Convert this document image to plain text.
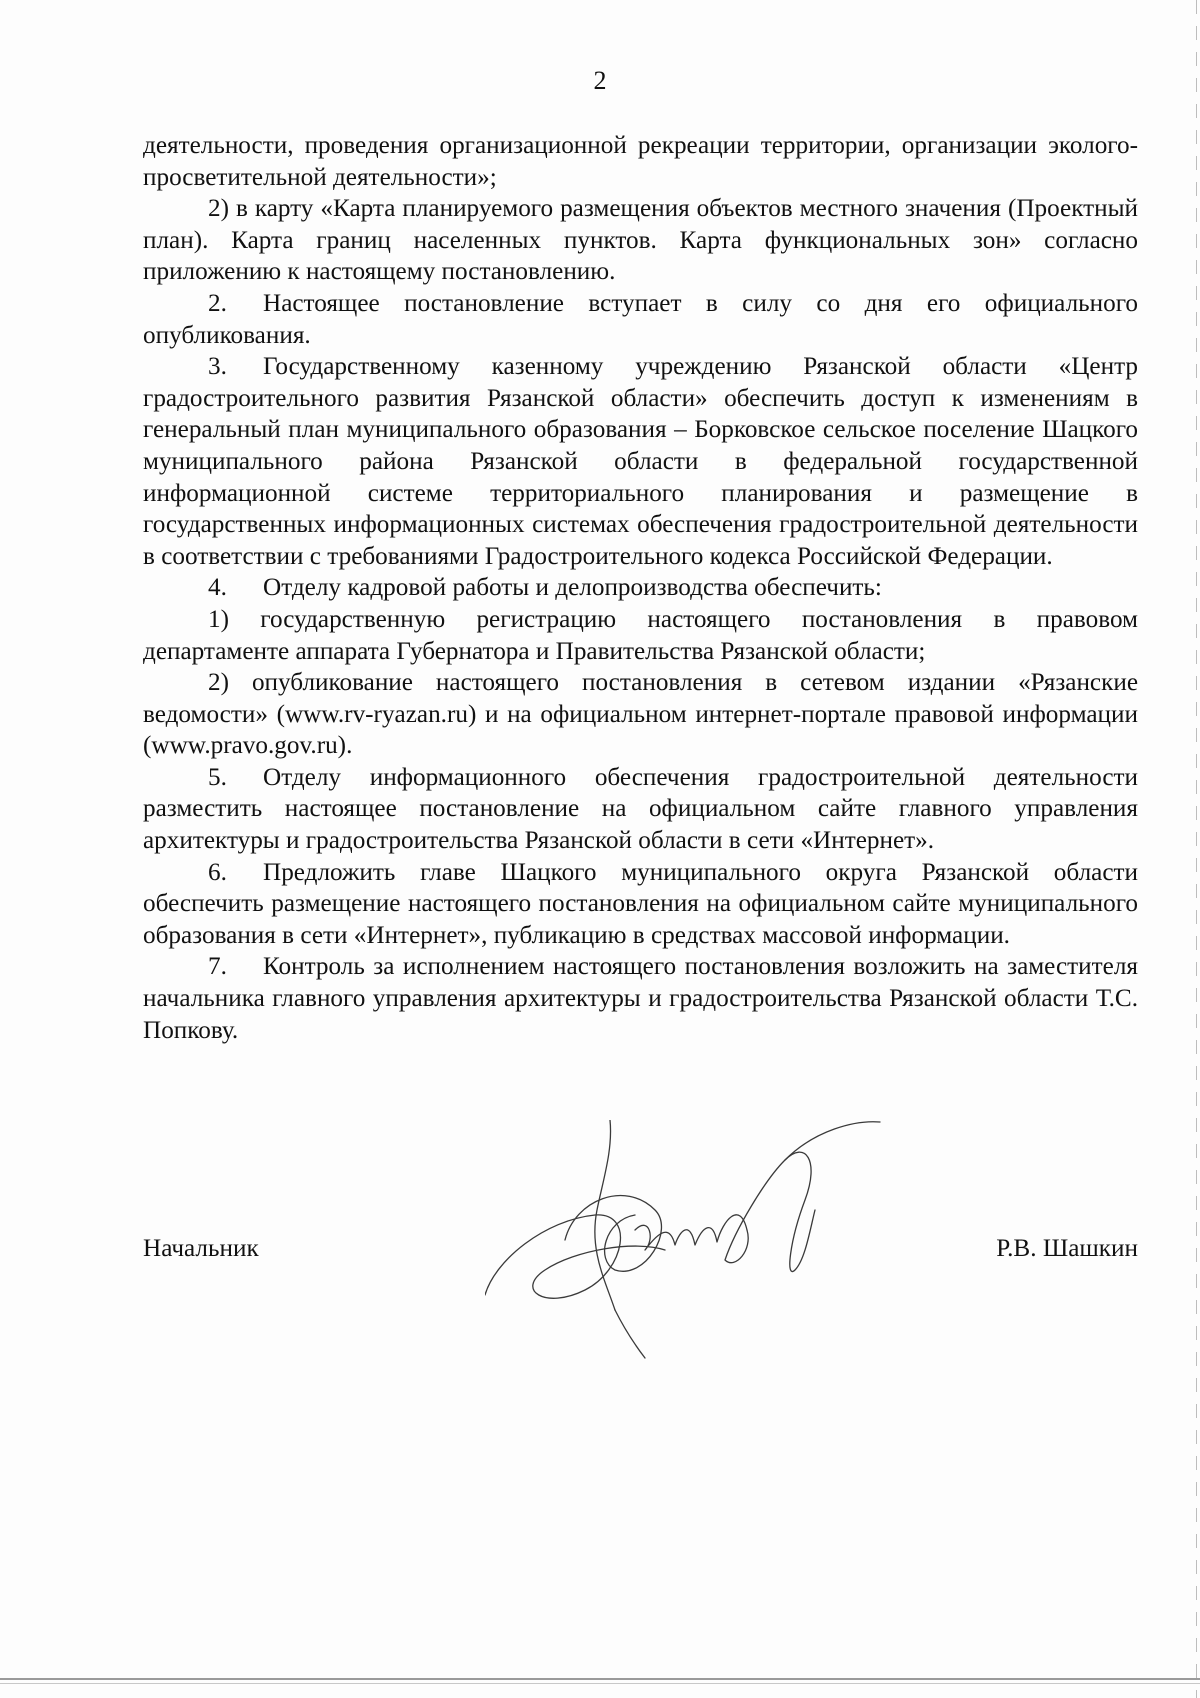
2

деятельности, проведения организационной рекреации территории, организации эколого-просветительной деятельности»;

2) в карту «Карта планируемого размещения объектов местного значения (Проектный план). Карта границ населенных пунктов. Карта функциональных зон» согласно приложению к настоящему постановлению.

2. Настоящее постановление вступает в силу со дня его официального опубликования.

3. Государственному казенному учреждению Рязанской области «Центр градостроительного развития Рязанской области» обеспечить доступ к изменениям в генеральный план муниципального образования – Борковское сельское поселение Шацкого муниципального района Рязанской области в федеральной государственной информационной системе территориального планирования и размещение в государственных информационных системах обеспечения градостроительной деятельности в соответствии с требованиями Градостроительного кодекса Российской Федерации.

4. Отделу кадровой работы и делопроизводства обеспечить:

1) государственную регистрацию настоящего постановления в правовом департаменте аппарата Губернатора и Правительства Рязанской области;

2) опубликование настоящего постановления в сетевом издании «Рязанские ведомости» (www.rv-ryazan.ru) и на официальном интернет-портале правовой информации (www.pravo.gov.ru).

5. Отделу информационного обеспечения градостроительной деятельности разместить настоящее постановление на официальном сайте главного управления архитектуры и градостроительства Рязанской области в сети «Интернет».

6. Предложить главе Шацкого муниципального округа Рязанской области обеспечить размещение настоящего постановления на официальном сайте муниципального образования в сети «Интернет», публикацию в средствах массовой информации.

7. Контроль за исполнением настоящего постановления возложить на заместителя начальника главного управления архитектуры и градостроительства Рязанской области Т.С. Попкову.

Начальник	Р.В. Шашкин
